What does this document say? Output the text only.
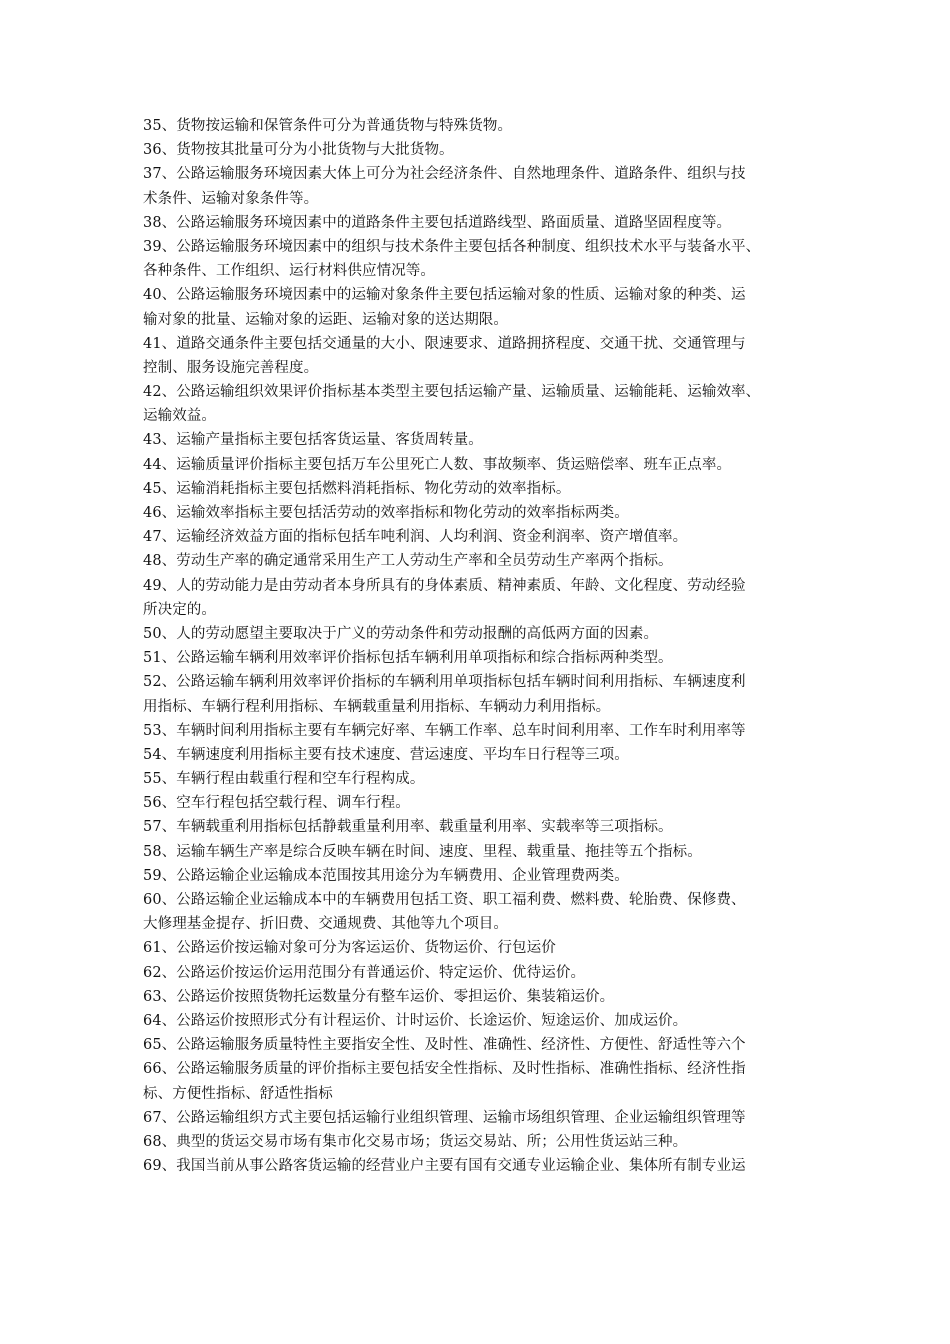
35、货物按运输和保管条件可分为普通货物与特殊货物。
36、货物按其批量可分为小批货物与大批货物。
37、公路运输服务环境因素大体上可分为社会经济条件、自然地理条件、道路条件、组织与技
术条件、运输对象条件等。
38、公路运输服务环境因素中的道路条件主要包括道路线型、路面质量、道路坚固程度等。
39、公路运输服务环境因素中的组织与技术条件主要包括各种制度、组织技术水平与装备水平、
各种条件、工作组织、运行材料供应情况等。
40、公路运输服务环境因素中的运输对象条件主要包括运输对象的性质、运输对象的种类、运
输对象的批量、运输对象的运距、运输对象的送达期限。
41、道路交通条件主要包括交通量的大小、限速要求、道路拥挤程度、交通干扰、交通管理与
控制、服务设施完善程度。
42、公路运输组织效果评价指标基本类型主要包括运输产量、运输质量、运输能耗、运输效率、
运输效益。
43、运输产量指标主要包括客货运量、客货周转量。
44、运输质量评价指标主要包括万车公里死亡人数、事故频率、货运赔偿率、班车正点率。
45、运输消耗指标主要包括燃料消耗指标、物化劳动的效率指标。
46、运输效率指标主要包括活劳动的效率指标和物化劳动的效率指标两类。
47、运输经济效益方面的指标包括车吨利润、人均利润、资金利润率、资产增值率。
48、劳动生产率的确定通常采用生产工人劳动生产率和全员劳动生产率两个指标。
49、人的劳动能力是由劳动者本身所具有的身体素质、精神素质、年龄、文化程度、劳动经验
所决定的。
50、人的劳动愿望主要取决于广义的劳动条件和劳动报酬的高低两方面的因素。
51、公路运输车辆利用效率评价指标包括车辆利用单项指标和综合指标两种类型。
52、公路运输车辆利用效率评价指标的车辆利用单项指标包括车辆时间利用指标、车辆速度利
用指标、车辆行程利用指标、车辆载重量利用指标、车辆动力利用指标。
53、车辆时间利用指标主要有车辆完好率、车辆工作率、总车时间利用率、工作车时利用率等
54、车辆速度利用指标主要有技术速度、营运速度、平均车日行程等三项。
55、车辆行程由载重行程和空车行程构成。
56、空车行程包括空载行程、调车行程。
57、车辆载重利用指标包括静载重量利用率、载重量利用率、实载率等三项指标。
58、运输车辆生产率是综合反映车辆在时间、速度、里程、载重量、拖挂等五个指标。
59、公路运输企业运输成本范围按其用途分为车辆费用、企业管理费两类。
60、公路运输企业运输成本中的车辆费用包括工资、职工福利费、燃料费、轮胎费、保修费、
大修理基金提存、折旧费、交通规费、其他等九个项目。
61、公路运价按运输对象可分为客运运价、货物运价、行包运价
62、公路运价按运价运用范围分有普通运价、特定运价、优待运价。
63、公路运价按照货物托运数量分有整车运价、零担运价、集装箱运价。
64、公路运价按照形式分有计程运价、计时运价、长途运价、短途运价、加成运价。
65、公路运输服务质量特性主要指安全性、及时性、准确性、经济性、方便性、舒适性等六个
66、公路运输服务质量的评价指标主要包括安全性指标、及时性指标、准确性指标、经济性指
标、方便性指标、舒适性指标
67、公路运输组织方式主要包括运输行业组织管理、运输市场组织管理、企业运输组织管理等
68、典型的货运交易市场有集市化交易市场；货运交易站、所；公用性货运站三种。
69、我国当前从事公路客货运输的经营业户主要有国有交通专业运输企业、集体所有制专业运
